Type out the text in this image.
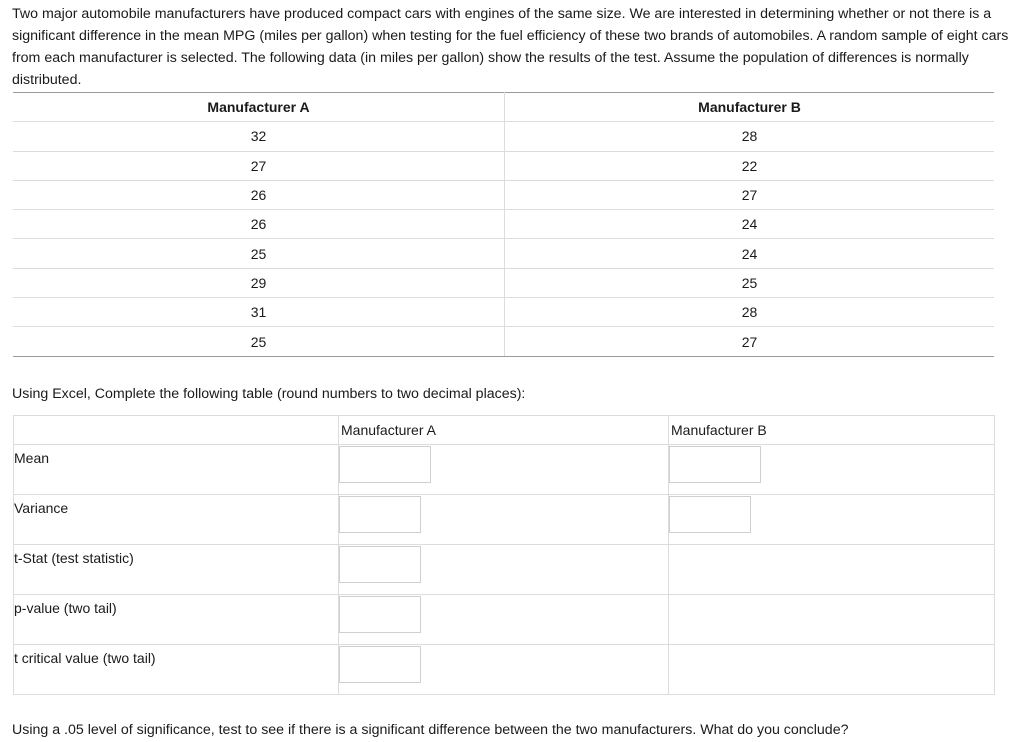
Two major automobile manufacturers have produced compact cars with engines of the same size. We are interested in determining whether or not there is a significant difference in the mean MPG (miles per gallon) when testing for the fuel efficiency of these two brands of automobiles. A random sample of eight cars from each manufacturer is selected. The following data (in miles per gallon) show the results of the test. Assume the population of differences is normally distributed.

Manufacturer A	Manufacturer B
32	28
27	22
26	27
26	24
25	24
29	25
31	28
25	27

Using Excel, Complete the following table (round numbers to two decimal places):

	Manufacturer A	Manufacturer B

Mean

Variance

t-Stat (test statistic)

p-value (two tail)

t critical value (two tail)

Using a .05 level of significance, test to see if there is a significant difference between the two manufacturers. What do you conclude?
